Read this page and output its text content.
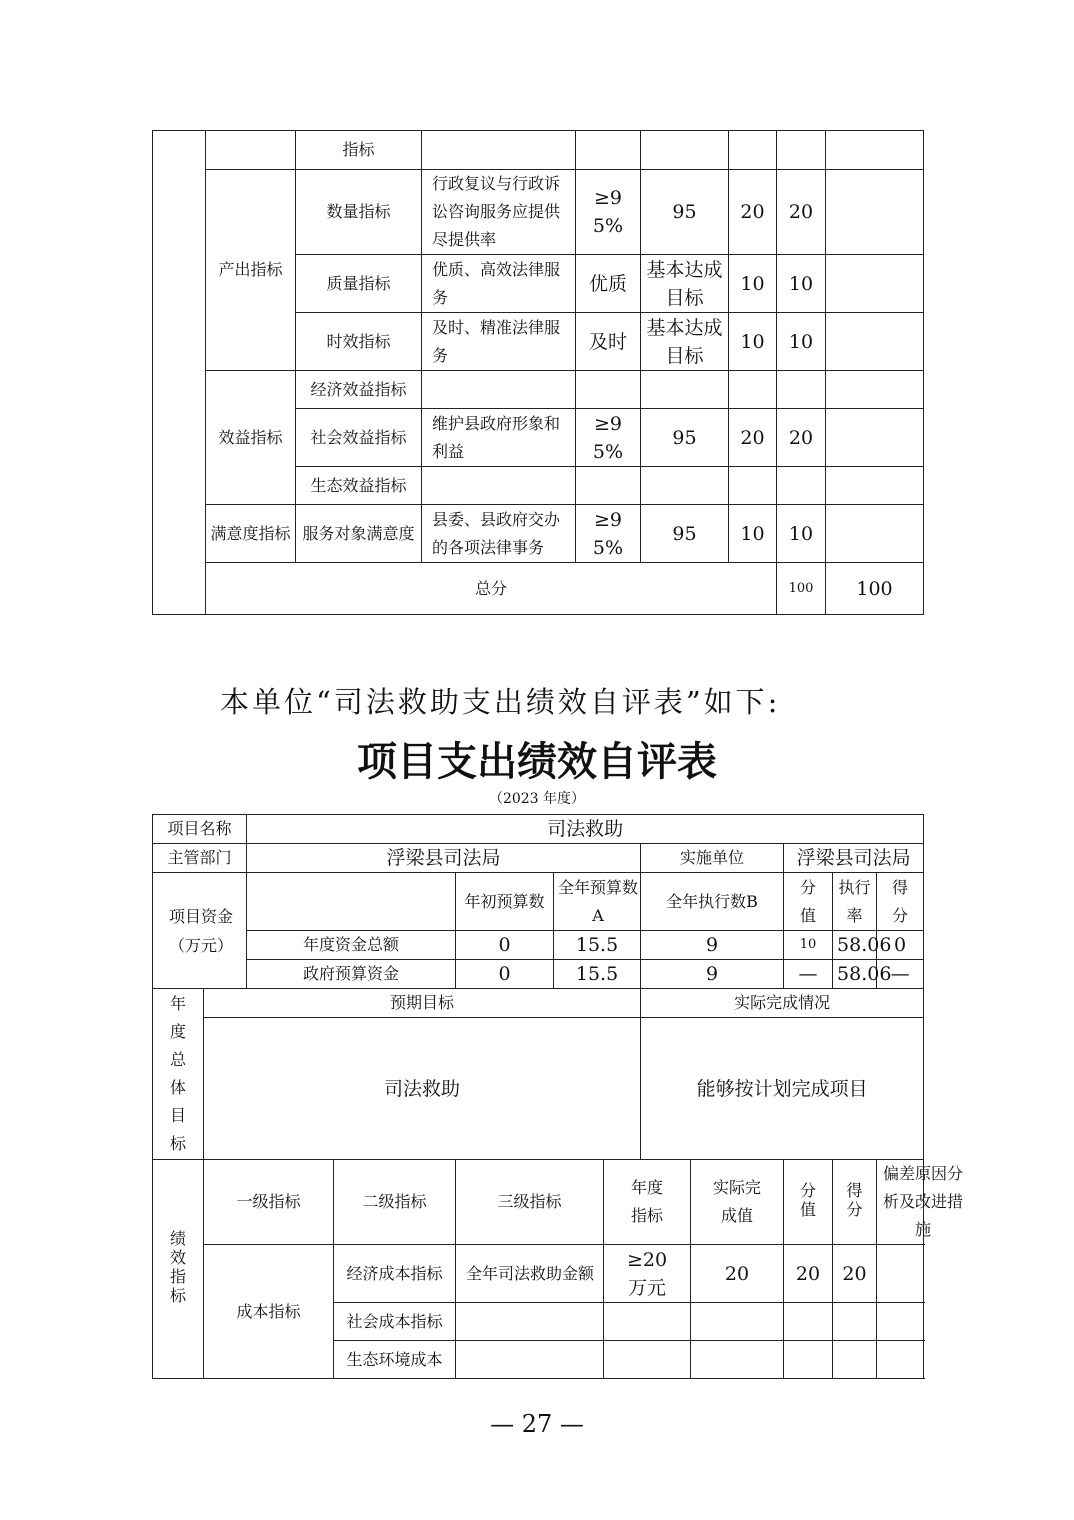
		指标							
	产出指标	数量指标	行政复议与行政诉讼咨询服务应提供尽提供率	≥95%	95	20	20		
		质量指标	优质、高效法律服务	优质	基本达成目标	10	10		
		时效指标	及时、精准法律服务	及时	基本达成目标	10	10		
	效益指标	经济效益指标							
		社会效益指标	维护县政府形象和利益	≥95%	95	20	20		
		生态效益指标							
	满意度指标	服务对象满意度	县委、县政府交办的各项法律事务	≥95%	95	10	10		
	总分						100	100	
本单位“司法救助支出绩效自评表”如下:
项目支出绩效自评表
（2023 年度）
项目名称		司法救助									
主管部门		浮梁县司法局					实施单位		浮梁县司法局		
项目资金（万元）				年初预算数	全年预算数A		全年执行数B		分值	执行率	得分
		年度资金总额		0	15.5		9		10	58.06	0
		政府预算资金		0	15.5		9		—	58.06	—
年度总体目标	预期目标						实际完成情况				
	司法救助						能够按计划完成项目				
绩效指标	一级指标		二级指标	三级指标		年度指标		实际完成值	分值	得分	偏差原因分析及改进措施
	成本指标		经济成本指标	全年司法救助金额		≥20万元		20	20	20	
			社会成本指标								
			生态环境成本								
— 27 —
